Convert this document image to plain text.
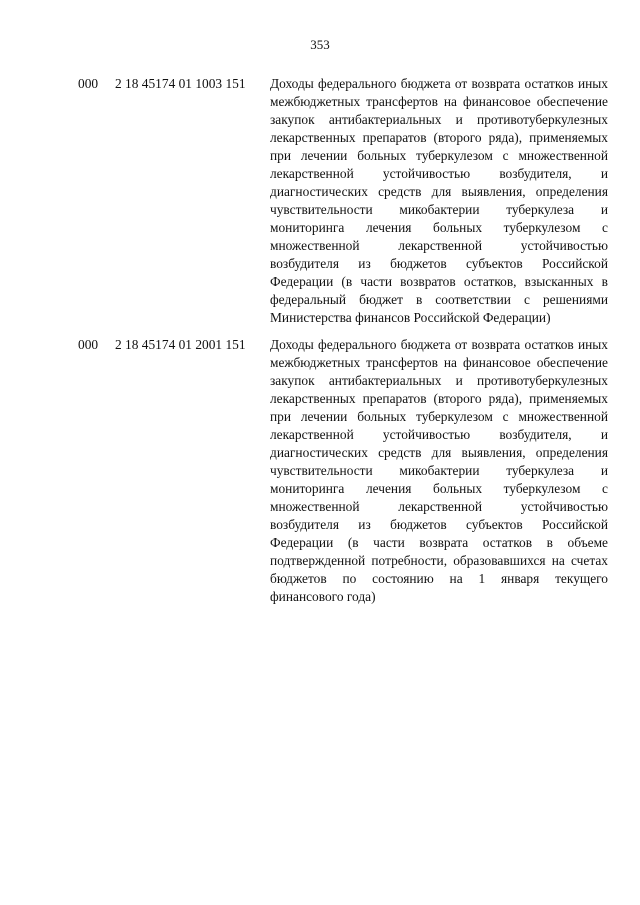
353
000 2 18 45174 01 1003 151 Доходы федерального бюджета от возврата остатков иных межбюджетных трансфертов на финансовое обеспечение закупок антибактериальных и противотуберкулезных лекарственных препаратов (второго ряда), применяемых при лечении больных туберкулезом с множественной лекарственной устойчивостью возбудителя, и диагностических средств для выявления, определения чувствительности микобактерии туберкулеза и мониторинга лечения больных туберкулезом с множественной лекарственной устойчивостью возбудителя из бюджетов субъектов Российской Федерации (в части возвратов остатков, взысканных в федеральный бюджет в соответствии с решениями Министерства финансов Российской Федерации)
000 2 18 45174 01 2001 151 Доходы федерального бюджета от возврата остатков иных межбюджетных трансфертов на финансовое обеспечение закупок антибактериальных и противотуберкулезных лекарственных препаратов (второго ряда), применяемых при лечении больных туберкулезом с множественной лекарственной устойчивостью возбудителя, и диагностических средств для выявления, определения чувствительности микобактерии туберкулеза и мониторинга лечения больных туберкулезом с множественной лекарственной устойчивостью возбудителя из бюджетов субъектов Российской Федерации (в части возврата остатков в объеме подтвержденной потребности, образовавшихся на счетах бюджетов по состоянию на 1 января текущего финансового года)
